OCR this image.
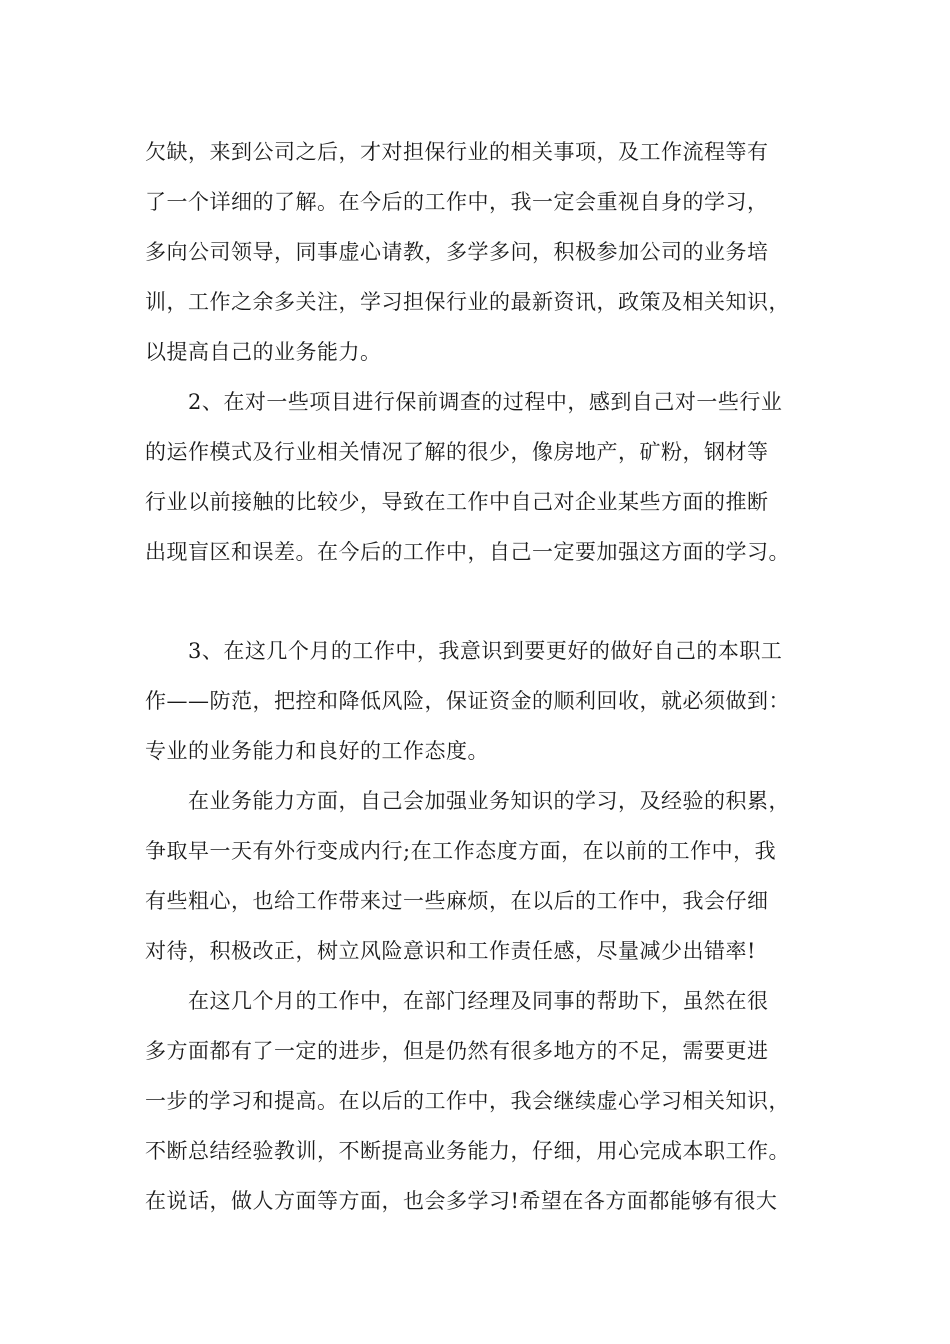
欠缺，来到公司之后，才对担保行业的相关事项，及工作流程等有
了一个详细的了解。在今后的工作中，我一定会重视自身的学习，
多向公司领导，同事虚心请教，多学多问，积极参加公司的业务培
训，工作之余多关注，学习担保行业的最新资讯，政策及相关知识，
以提高自己的业务能力。
2、在对一些项目进行保前调查的过程中，感到自己对一些行业
的运作模式及行业相关情况了解的很少，像房地产，矿粉，钢材等
行业以前接触的比较少，导致在工作中自己对企业某些方面的推断
出现盲区和误差。在今后的工作中，自己一定要加强这方面的学习。
3、在这几个月的工作中，我意识到要更好的做好自己的本职工
作——防范，把控和降低风险，保证资金的顺利回收，就必须做到：
专业的业务能力和良好的工作态度。
在业务能力方面，自己会加强业务知识的学习，及经验的积累，
争取早一天有外行变成内行;在工作态度方面，在以前的工作中，我
有些粗心，也给工作带来过一些麻烦，在以后的工作中，我会仔细
对待，积极改正，树立风险意识和工作责任感，尽量减少出错率!
在这几个月的工作中，在部门经理及同事的帮助下，虽然在很
多方面都有了一定的进步，但是仍然有很多地方的不足，需要更进
一步的学习和提高。在以后的工作中，我会继续虚心学习相关知识，
不断总结经验教训，不断提高业务能力，仔细，用心完成本职工作。
在说话，做人方面等方面，也会多学习!希望在各方面都能够有很大
